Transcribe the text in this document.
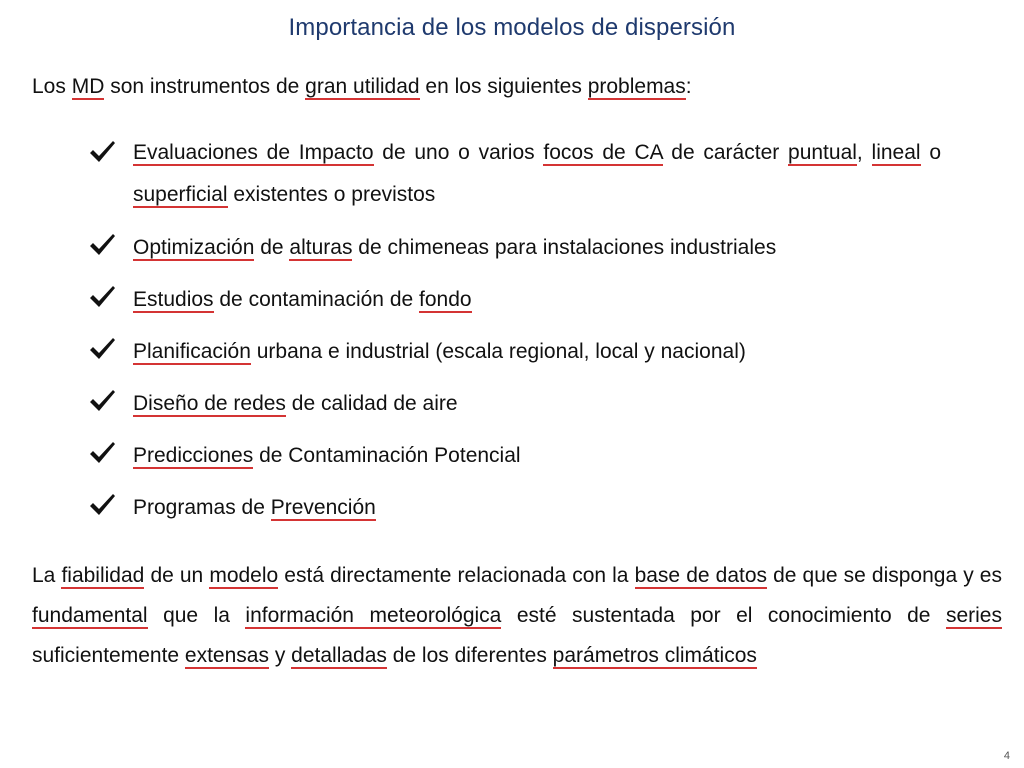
Importancia de los modelos de dispersión
Los MD son instrumentos de gran utilidad en los siguientes problemas:
Evaluaciones de Impacto de uno o varios focos de CA de carácter puntual, lineal o superficial existentes o previstos
Optimización de alturas de chimeneas para instalaciones industriales
Estudios de contaminación de fondo
Planificación urbana e industrial (escala regional, local y nacional)
Diseño de redes de calidad de aire
Predicciones de Contaminación Potencial
Programas de Prevención
La fiabilidad de un modelo está directamente relacionada con la base de datos de que se disponga y es fundamental que la información meteorológica esté sustentada por el conocimiento de series suficientemente extensas y detalladas de los diferentes parámetros climáticos
4
